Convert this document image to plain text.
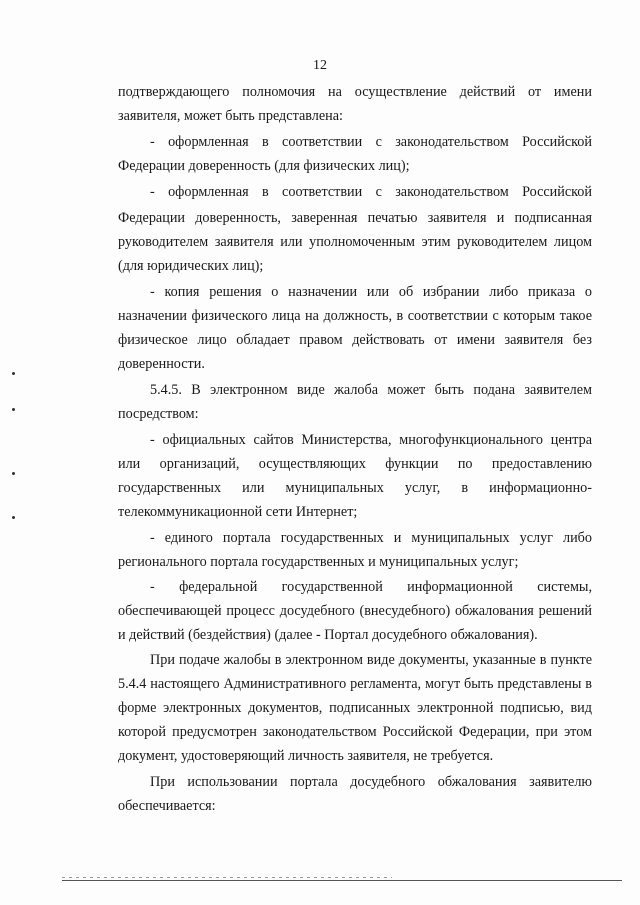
12
подтверждающего полномочия на осуществление действий от имени
заявителя, может быть представлена:
- оформленная в соответствии с законодательством Российской
Федерации доверенность (для физических лиц);
- оформленная в соответствии с законодательством Российской
Федерации доверенность, заверенная печатью заявителя и подписанная
руководителем заявителя или уполномоченным этим руководителем лицом
(для юридических лиц);
- копия решения о назначении или об избрании либо приказа о
назначении физического лица на должность, в соответствии с которым такое
физическое лицо обладает правом действовать от имени заявителя без
доверенности.
5.4.5. В электронном виде жалоба может быть подана заявителем
посредством:
- официальных сайтов Министерства, многофункционального центра
или организаций, осуществляющих функции по предоставлению
государственных или муниципальных услуг, в информационно-
телекоммуникационной сети Интернет;
- единого портала государственных и муниципальных услуг либо
регионального портала государственных и муниципальных услуг;
- федеральной государственной информационной системы,
обеспечивающей процесс досудебного (внесудебного) обжалования решений
и действий (бездействия) (далее - Портал досудебного обжалования).
При подаче жалобы в электронном виде документы, указанные в пункте
5.4.4 настоящего Административного регламента, могут быть представлены в
форме электронных документов, подписанных электронной подписью, вид
которой предусмотрен законодательством Российской Федерации, при этом
документ, удостоверяющий личность заявителя, не требуется.
При использовании портала досудебного обжалования заявителю
обеспечивается:
